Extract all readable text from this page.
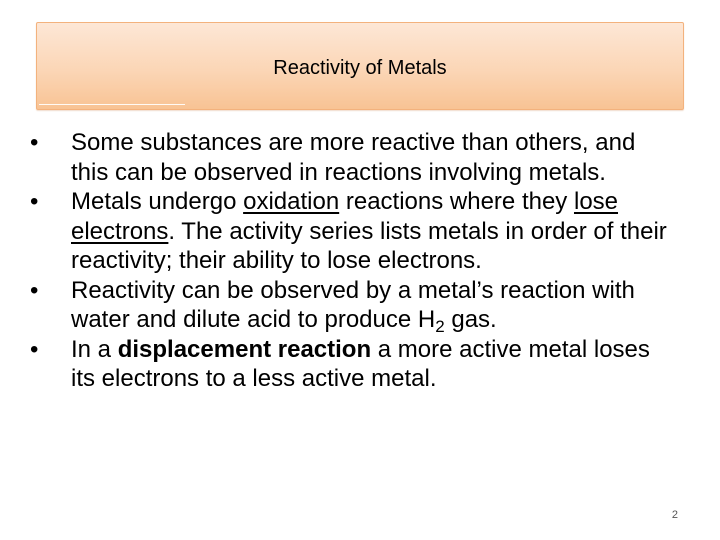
Reactivity of Metals
•	Some substances are more reactive than others, and this can be observed in reactions involving metals.
•	Metals undergo oxidation reactions where they lose electrons. The activity series lists metals in order of their reactivity; their ability to lose electrons.
•	Reactivity can be observed by a metal’s reaction with water and dilute acid to produce $H_2$ gas.
•	In a displacement reaction a more active metal loses its electrons to a less active metal.
2
